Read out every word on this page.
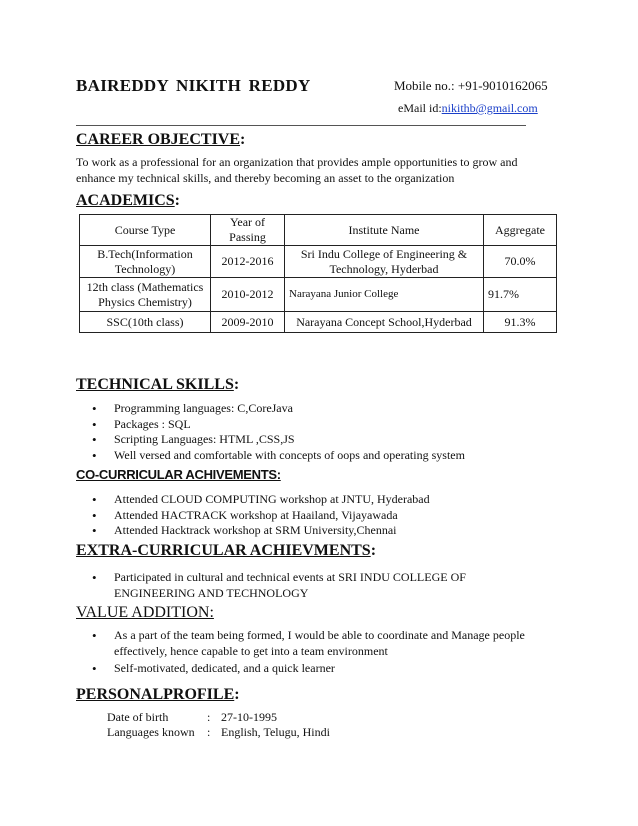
BAIREDDY NIKITH REDDY	Mobile no.: +91-9010162065
eMail id:nikithb@gmail.com
CAREER OBJECTIVE:
To work as a professional for an organization that provides ample opportunities to grow and enhance my technical skills, and thereby becoming an asset to the organization
ACADEMICS:
Course Type	Year of Passing	Institute Name	Aggregate
B.Tech(Information Technology)	2012-2016	Sri Indu College of Engineering & Technology, Hyderbad	70.0%
12th class (Mathematics Physics Chemistry)	2010-2012	Narayana Junior College	91.7%
SSC(10th class)	2009-2010	Narayana Concept School,Hyderbad	91.3%
TECHNICAL SKILLS:
• Programming languages: C,CoreJava
• Packages : SQL
• Scripting Languages: HTML ,CSS,JS
• Well versed and comfortable with concepts of oops and operating system
CO-CURRICULAR ACHIVEMENTS:
• Attended CLOUD COMPUTING workshop at JNTU, Hyderabad
• Attended HACTRACK workshop at Haailand, Vijayawada
• Attended Hacktrack workshop at SRM University,Chennai
EXTRA-CURRICULAR ACHIEVMENTS:
• Participated in cultural and technical events at SRI INDU COLLEGE OF ENGINEERING AND TECHNOLOGY
VALUE ADDITION:
• As a part of the team being formed, I would be able to coordinate and Manage people effectively, hence capable to get into a team environment
• Self-motivated, dedicated, and a quick learner
PERSONALPROFILE:
Date of birth	: 27-10-1995
Languages known : English, Telugu, Hindi
